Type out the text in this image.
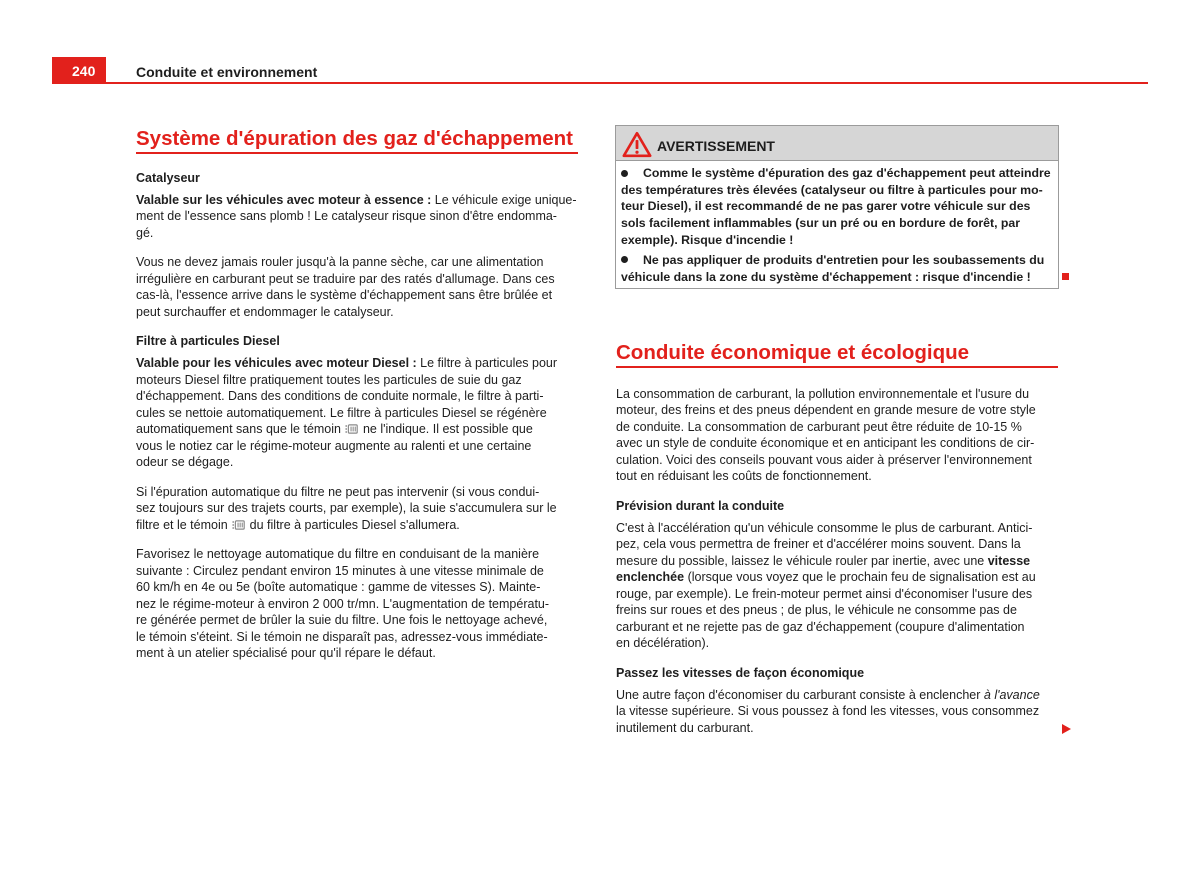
240	Conduite et environnement
Système d'épuration des gaz d'échappement
Catalyseur
Valable sur les véhicules avec moteur à essence : Le véhicule exige unique-
ment de l'essence sans plomb ! Le catalyseur risque sinon d'être endomma-
gé.
Vous ne devez jamais rouler jusqu'à la panne sèche, car une alimentation
irrégulière en carburant peut se traduire par des ratés d'allumage. Dans ces
cas-là, l'essence arrive dans le système d'échappement sans être brûlée et
peut surchauffer et endommager le catalyseur.
Filtre à particules Diesel
Valable pour les véhicules avec moteur Diesel : Le filtre à particules pour
moteurs Diesel filtre pratiquement toutes les particules de suie du gaz
d'échappement. Dans des conditions de conduite normale, le filtre à parti-
cules se nettoie automatiquement. Le filtre à particules Diesel se régénère
automatiquement sans que le témoin
ne l'indique. Il est possible que
vous le notiez car le régime-moteur augmente au ralenti et une certaine
odeur se dégage.
Si l'épuration automatique du filtre ne peut pas intervenir (si vous condui-
sez toujours sur des trajets courts, par exemple), la suie s'accumulera sur le
filtre et le témoin
du filtre à particules Diesel s'allumera.
Favorisez le nettoyage automatique du filtre en conduisant de la manière
suivante : Circulez pendant environ 15 minutes à une vitesse minimale de
60 km/h en 4e ou 5e (boîte automatique : gamme de vitesses S). Mainte-
nez le régime-moteur à environ 2 000 tr/mn. L'augmentation de températu-
re générée permet de brûler la suie du filtre. Une fois le nettoyage achevé,
le témoin s'éteint. Si le témoin ne disparaît pas, adressez-vous immédiate-
ment à un atelier spécialisé pour qu'il répare le défaut.
AVERTISSEMENT
Comme le système d'épuration des gaz d'échappement peut atteindre
des températures très élevées (catalyseur ou filtre à particules pour mo-
teur Diesel), il est recommandé de ne pas garer votre véhicule sur des
sols facilement inflammables (sur un pré ou en bordure de forêt, par
exemple). Risque d'incendie !
Ne pas appliquer de produits d'entretien pour les soubassements du
véhicule dans la zone du système d'échappement : risque d'incendie !
Conduite économique et écologique
La consommation de carburant, la pollution environnementale et l'usure du
moteur, des freins et des pneus dépendent en grande mesure de votre style
de conduite. La consommation de carburant peut être réduite de 10-15 %
avec un style de conduite économique et en anticipant les conditions de cir-
culation. Voici des conseils pouvant vous aider à préserver l'environnement
tout en réduisant les coûts de fonctionnement.
Prévision durant la conduite
C'est à l'accélération qu'un véhicule consomme le plus de carburant. Antici-
pez, cela vous permettra de freiner et d'accélérer moins souvent. Dans la
mesure du possible, laissez le véhicule rouler par inertie, avec une vitesse
enclenchée (lorsque vous voyez que le prochain feu de signalisation est au
rouge, par exemple). Le frein-moteur permet ainsi d'économiser l'usure des
freins sur roues et des pneus ; de plus, le véhicule ne consomme pas de
carburant et ne rejette pas de gaz d'échappement (coupure d'alimentation
en décélération).
Passez les vitesses de façon économique
Une autre façon d'économiser du carburant consiste à enclencher à l'avance
la vitesse supérieure. Si vous poussez à fond les vitesses, vous consommez
inutilement du carburant.
